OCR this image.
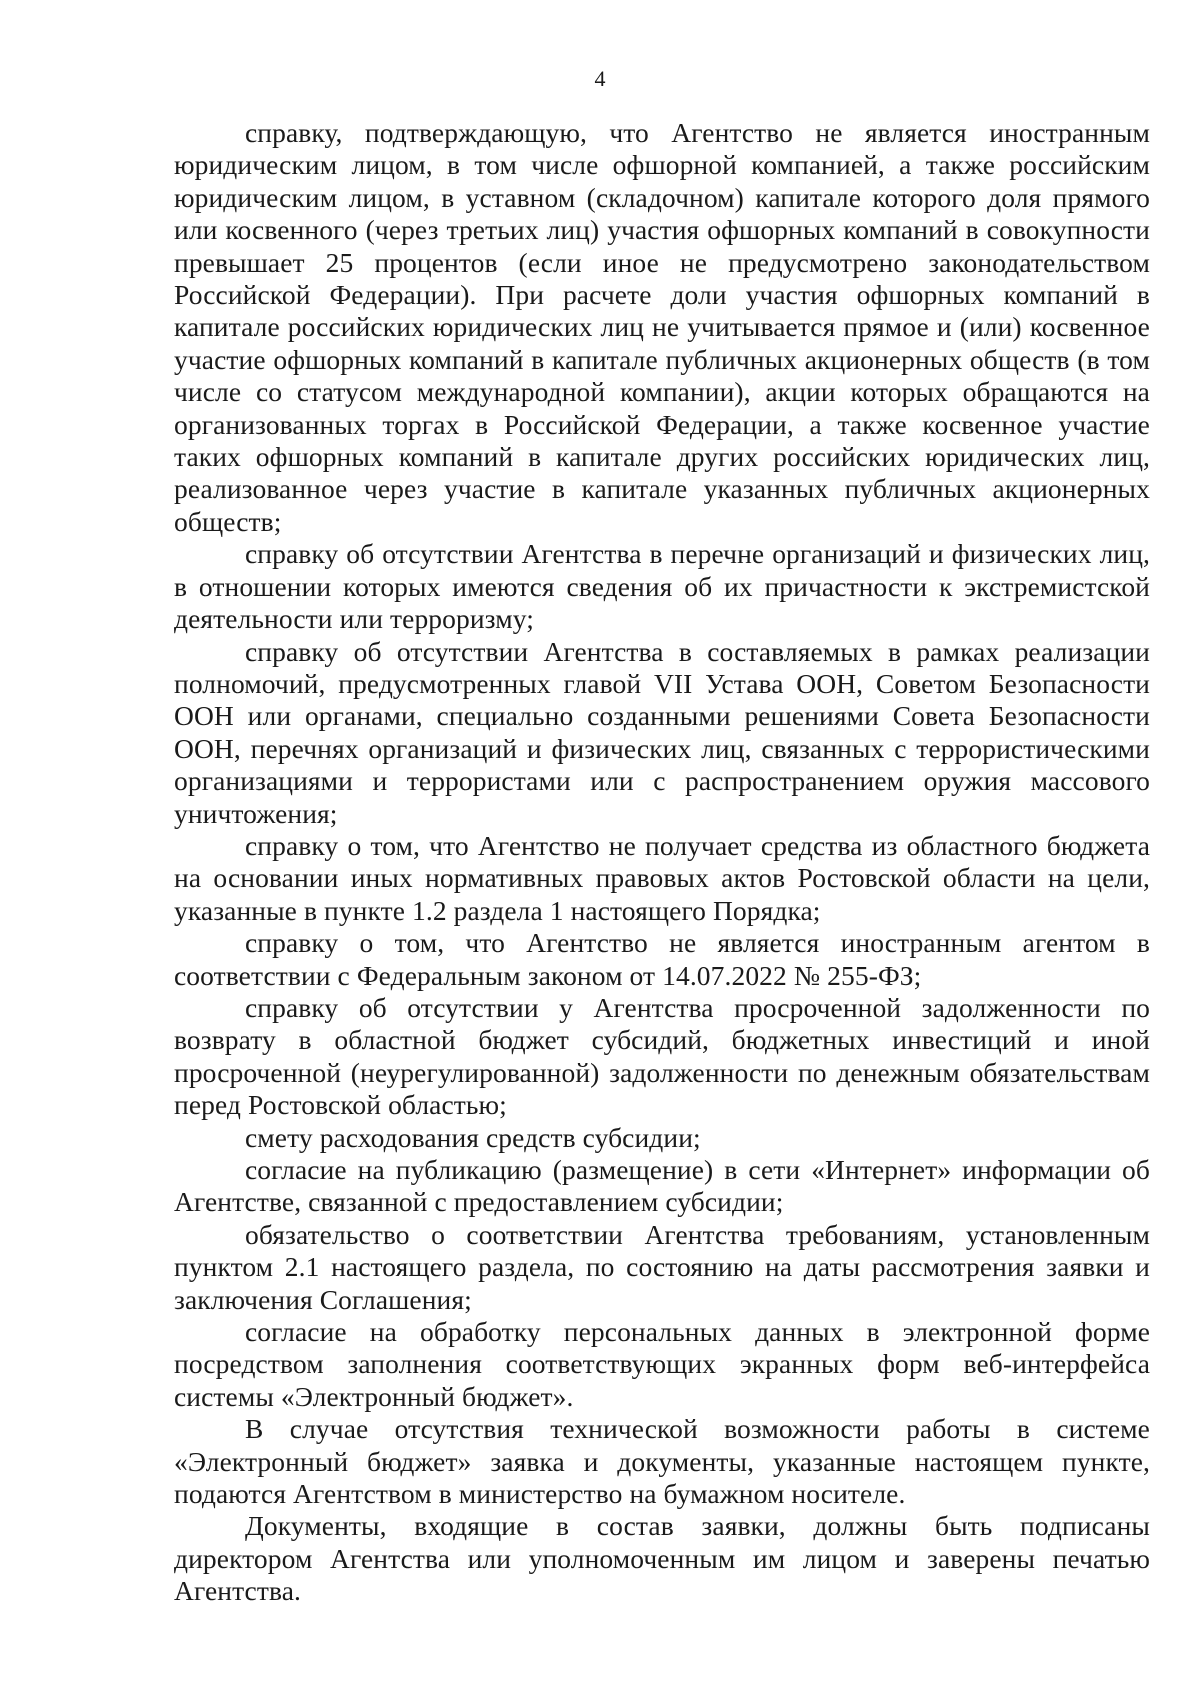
4

справку, подтверждающую, что Агентство не является иностранным юридическим лицом, в том числе офшорной компанией, а также российским юридическим лицом, в уставном (складочном) капитале которого доля прямого или косвенного (через третьих лиц) участия офшорных компаний в совокупности превышает 25 процентов (если иное не предусмотрено законодательством Российской Федерации). При расчете доли участия офшорных компаний в капитале российских юридических лиц не учитывается прямое и (или) косвенное участие офшорных компаний в капитале публичных акционерных обществ (в том числе со статусом международной компании), акции которых обращаются на организованных торгах в Российской Федерации, а также косвенное участие таких офшорных компаний в капитале других российских юридических лиц, реализованное через участие в капитале указанных публичных акционерных обществ;

справку об отсутствии Агентства в перечне организаций и физических лиц, в отношении которых имеются сведения об их причастности к экстремистской деятельности или терроризму;

справку об отсутствии Агентства в составляемых в рамках реализации полномочий, предусмотренных главой VII Устава ООН, Советом Безопасности ООН или органами, специально созданными решениями Совета Безопасности ООН, перечнях организаций и физических лиц, связанных с террористическими организациями и террористами или с распространением оружия массового уничтожения;

справку о том, что Агентство не получает средства из областного бюджета на основании иных нормативных правовых актов Ростовской области на цели, указанные в пункте 1.2 раздела 1 настоящего Порядка;

справку о том, что Агентство не является иностранным агентом в соответствии с Федеральным законом от 14.07.2022 № 255-ФЗ;

справку об отсутствии у Агентства просроченной задолженности по возврату в областной бюджет субсидий, бюджетных инвестиций и иной просроченной (неурегулированной) задолженности по денежным обязательствам перед Ростовской областью;

смету расходования средств субсидии;

согласие на публикацию (размещение) в сети «Интернет» информации об Агентстве, связанной с предоставлением субсидии;

обязательство о соответствии Агентства требованиям, установленным пунктом 2.1 настоящего раздела, по состоянию на даты рассмотрения заявки и заключения Соглашения;

согласие на обработку персональных данных в электронной форме посредством заполнения соответствующих экранных форм веб-интерфейса системы «Электронный бюджет».

В случае отсутствия технической возможности работы в системе «Электронный бюджет» заявка и документы, указанные настоящем пункте, подаются Агентством в министерство на бумажном носителе.

Документы, входящие в состав заявки, должны быть подписаны директором Агентства или уполномоченным им лицом и заверены печатью Агентства.
